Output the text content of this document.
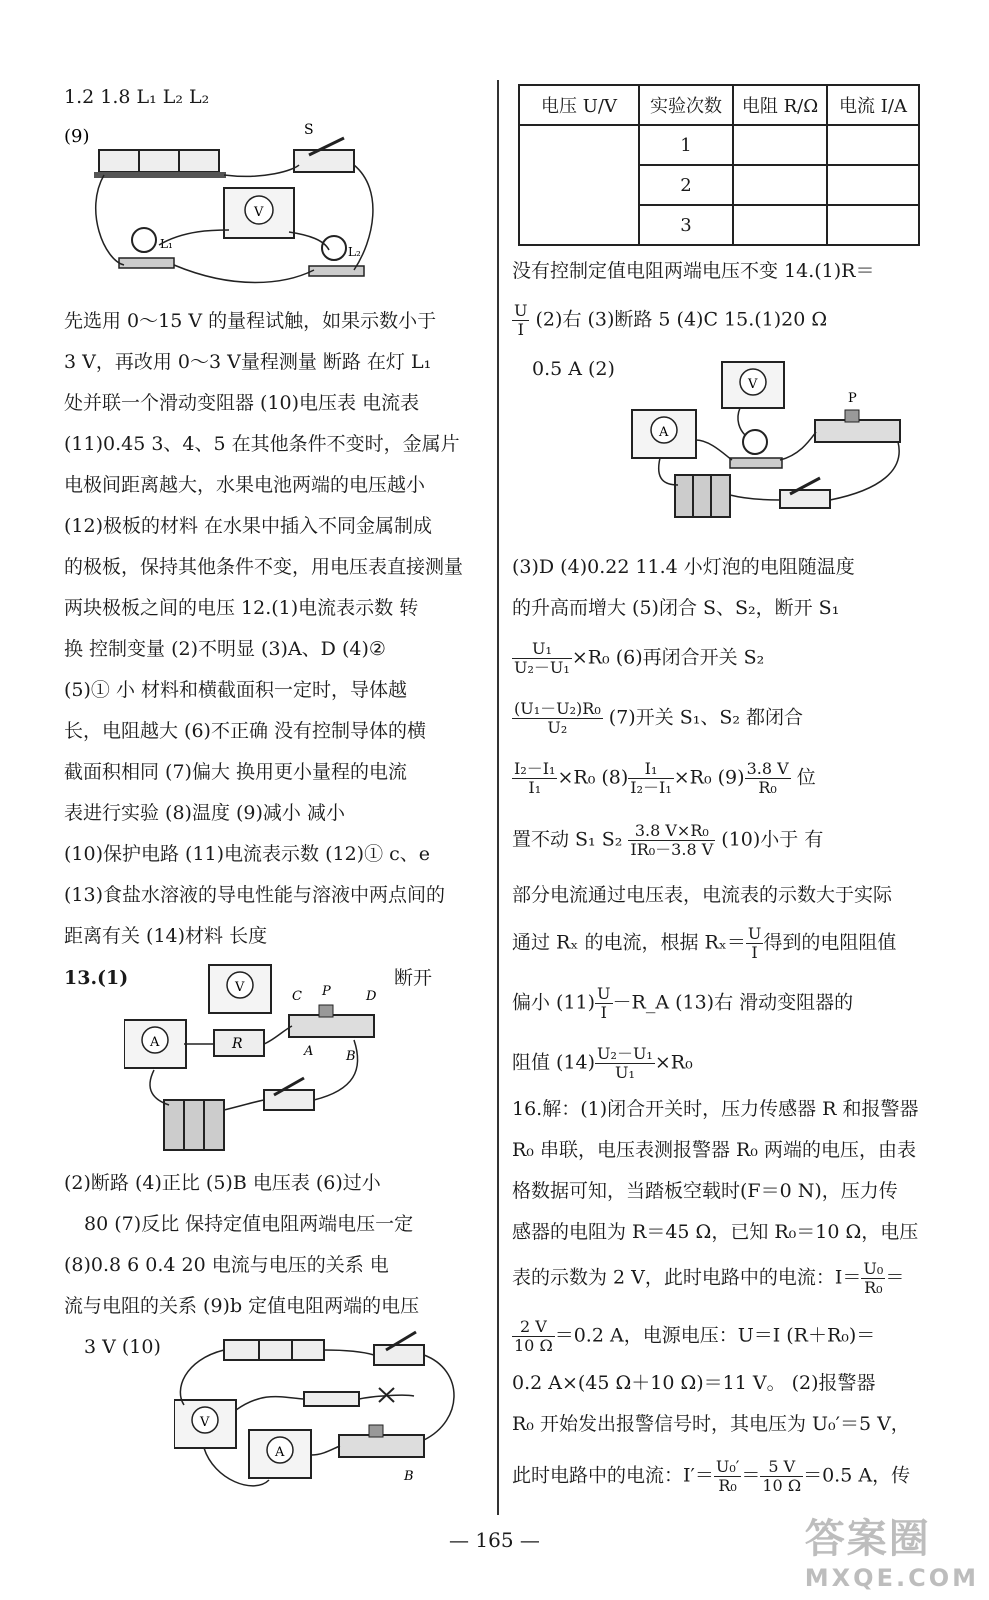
1.2 1.8 L₁ L₂ L₂
(9)	S
V
L₁
L₂
先选用 0～15 V 的量程试触，如果示数小于
3 V，再改用 0～3 V量程测量 断路 在灯 L₁
处并联一个滑动变阻器 (10)电压表 电流表
(11)0.45 3、4、5 在其他条件不变时，金属片
电极间距离越大，水果电池两端的电压越小
(12)极板的材料 在水果中插入不同金属制成
的极板，保持其他条件不变，用电压表直接测量
两块极板之间的电压 12.(1)电流表示数 转
换 控制变量 (2)不明显 (3)A、D (4)②
(5)① 小 材料和横截面积一定时，导体越
长，电阻越大 (6)不正确 没有控制导体的横
截面积相同 (7)偏大 换用更小量程的电流
表进行实验 (8)温度 (9)减小 减小
(10)保护电路 (11)电流表示数 (12)① c、e
(13)食盐水溶液的导电性能与溶液中两点间的
距离有关 (14)材料 长度
13.(1)	断开
A
V
R
C P	D
A	B
(2)断路 (4)正比 (5)B 电压表 (6)过小
80 (7)反比 保持定值电阻两端电压一定
(8)0.8 6 0.4 20 电流与电压的关系 电
流与电阻的关系 (9)b 定值电阻两端的电压
3 V (10)
V
A
B
电压 U/V	实验次数	电阻 R/Ω	电流 I/A
	1		
	2		
	3		
没有控制定值电阻两端电压不变 14.(1)R＝
$\frac{U}{I} (2)$右 (3)断路 5 (4)C 15.(1)20 Ω
0.5 A (2)
V
A
P
(3)D (4)0.22 11.4 小灯泡的电阻随温度
的升高而增大 (5)闭合 S、S₂，断开 S₁
$\frac{\text{U₁}}{\text{U₂－U₁}} \times R_0$ (6)再闭合开关 S₂
$\frac{\text{(U₁－U₂)R₀}}{\text{U₂}} (7)$开关 S₁、S₂ 都闭合
$\frac{\text{I₂－I₁}}{\text{I₁}} \times R_0$ $(8) \frac{\text{I₁}}{\text{I₂－I₁}} \times R_0$ $(9) \frac{3.8 V}{\text{R₀}}$ 位
置不动 S₁ $S_2 \frac{\text{3.8 V×R₀}}{\text{IR₀－3.8 V}} (10)$小于 有
部分电流通过电压表，电流表的示数大于实际
通过 Rₓ 的电流，根据 $R_x= \frac{U}{I}$ 得到的电阻阻值
偏小 $(11) \frac{U}{I}$ －R_A (13)右 滑动变阻器的
阻值 $(14) \frac{\text{U₂－U₁}}{\text{U₁}} \times R_0$
16.解：(1)闭合开关时，压力传感器 R 和报警器
R₀ 串联，电压表测报警器 R₀ 两端的电压，由表
格数据可知，当踏板空载时(F＝0 N)，压力传
感器的电阻为 R＝45 Ω，已知 R₀＝10 Ω，电压
表的示数为 2 V，此时电路中的电流：$I= \frac{\text{U₀}}{\text{R₀}}$ ＝
$\frac{2 V}{10 \Omega} =0.2$ A，电源电压：U＝I (R＋R₀)＝
0.2 A×(45 Ω＋10 Ω)＝11 V。 (2)报警器
R₀ 开始发出报警信号时，其电压为 U₀′＝5 V，
此时电路中的电流：$I'= \frac{\text{U₀′}}{\text{R₀}} = \frac{5 V}{10 \Omega} =0.5$ A，传
— 165 —	答案圈
MXQE.COM
